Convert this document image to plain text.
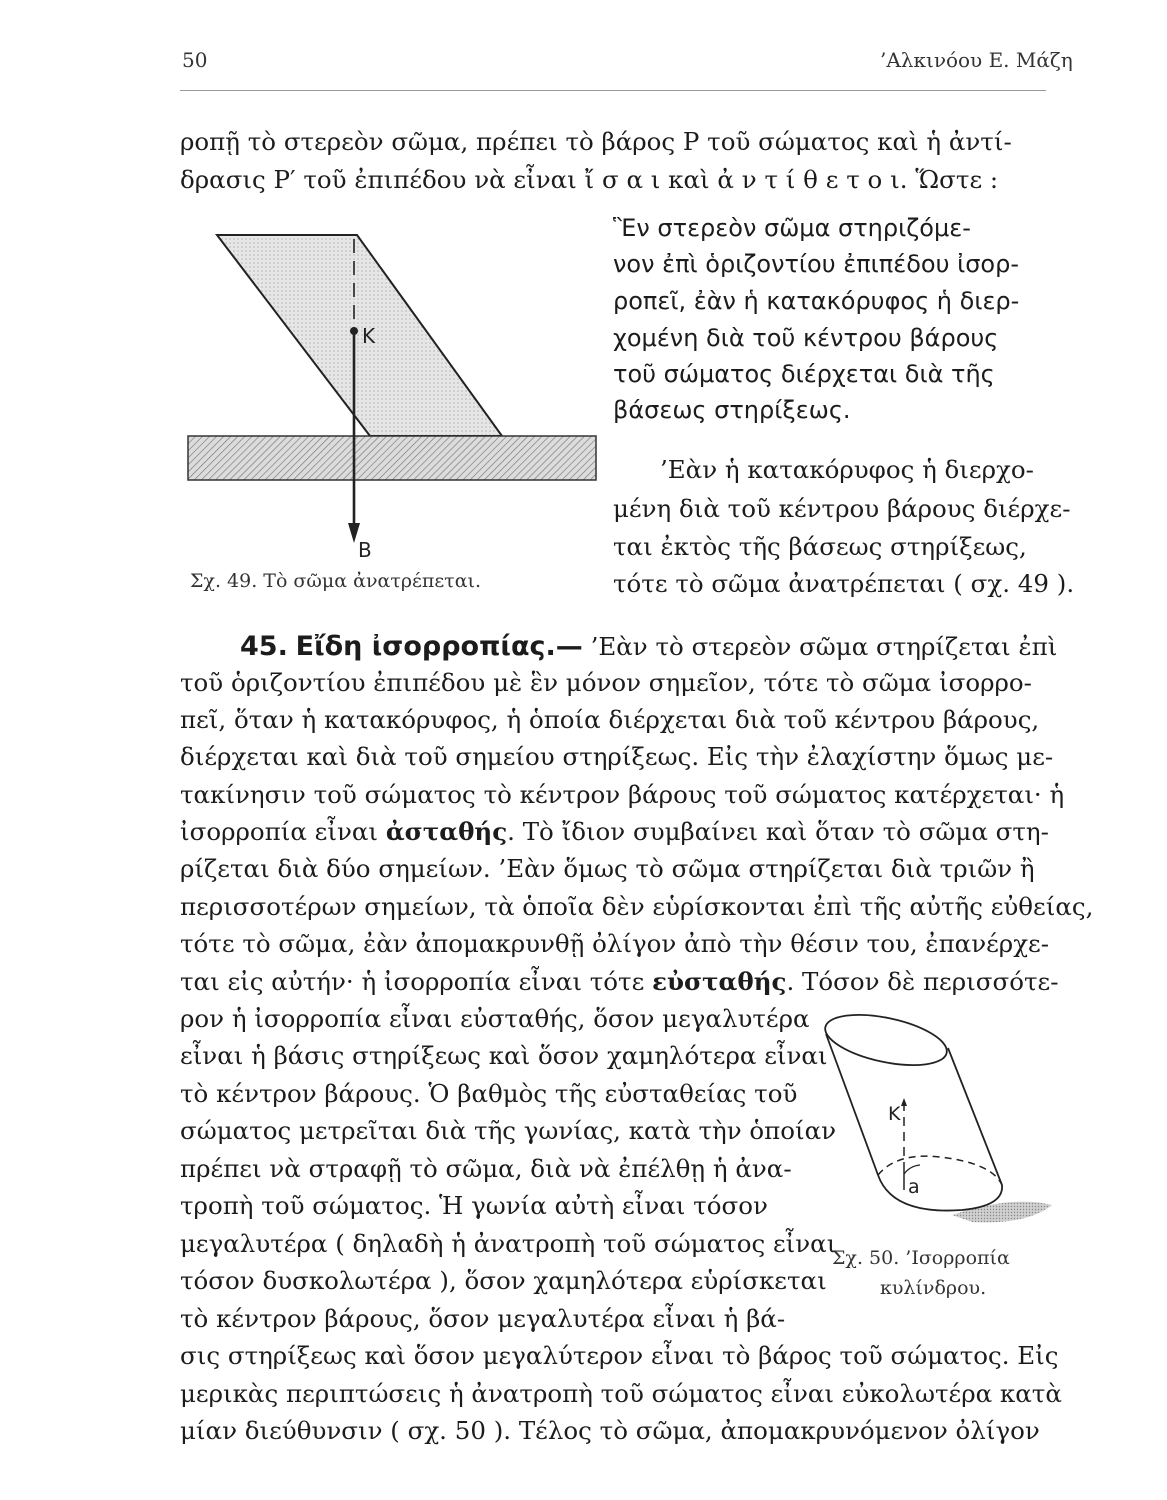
50	’Αλκινόου Ε. Μάζη
ροπῇ τὸ στερεὸν σῶμα, πρέπει τὸ βάρος P τοῦ σώματος καὶ ἡ ἀντί-
δρασις P′ τοῦ ἐπιπέδου νὰ εἶναι ἴ σ α ι καὶ ἀ ν τ ί θ ε τ ο ι. Ὥστε :
K
B
Σχ. 49. Τὸ σῶμα ἀνατρέπεται.
Ἓν στερεὸν σῶμα στηριζόμε-
νον ἐπὶ ὁριζοντίου ἐπιπέδου ἰσορ-
ροπεῖ, ἐὰν ἡ κατακόρυφος ἡ διερ-
χομένη διὰ τοῦ κέντρου βάρους
τοῦ σώματος διέρχεται διὰ τῆς
βάσεως στηρίξεως.
’Εὰν ἡ κατακόρυφος ἡ διερχο-
μένη διὰ τοῦ κέντρου βάρους διέρχε-
ται ἐκτὸς τῆς βάσεως στηρίξεως,
τότε τὸ σῶμα ἀνατρέπεται ( σχ. 49 ).
45. Εἴδη ἰσορροπίας.— ’Εὰν τὸ στερεὸν σῶμα στηρίζεται ἐπὶ
τοῦ ὁριζοντίου ἐπιπέδου μὲ ἓν μόνον σημεῖον, τότε τὸ σῶμα ἰσορρο-
πεῖ, ὅταν ἡ κατακόρυφος, ἡ ὁποία διέρχεται διὰ τοῦ κέντρου βάρους,
διέρχεται καὶ διὰ τοῦ σημείου στηρίξεως. Εἰς τὴν ἐλαχίστην ὅμως με-
τακίνησιν τοῦ σώματος τὸ κέντρον βάρους τοῦ σώματος κατέρχεται· ἡ
ἰσορροπία εἶναι ἀσταθής. Τὸ ἴδιον συμβαίνει καὶ ὅταν τὸ σῶμα στη-
ρίζεται διὰ δύο σημείων. ’Εὰν ὅμως τὸ σῶμα στηρίζεται διὰ τριῶν ἢ
περισσοτέρων σημείων, τὰ ὁποῖα δὲν εὑρίσκονται ἐπὶ τῆς αὐτῆς εὐθείας,
τότε τὸ σῶμα, ἐὰν ἀπομακρυνθῇ ὀλίγον ἀπὸ τὴν θέσιν του, ἐπανέρχε-
ται εἰς αὐτήν· ἡ ἰσορροπία εἶναι τότε εὐσταθής. Τόσον δὲ περισσότε-
ρον ἡ ἰσορροπία εἶναι εὐσταθής, ὅσον μεγαλυτέρα
εἶναι ἡ βάσις στηρίξεως καὶ ὅσον χαμηλότερα εἶναι
τὸ κέντρον βάρους. Ὁ βαθμὸς τῆς εὐσταθείας τοῦ
σώματος μετρεῖται διὰ τῆς γωνίας, κατὰ τὴν ὁποίαν
πρέπει νὰ στραφῇ τὸ σῶμα, διὰ νὰ ἐπέλθῃ ἡ ἀνα-
τροπὴ τοῦ σώματος. Ἡ γωνία αὐτὴ εἶναι τόσον
μεγαλυτέρα ( δηλαδὴ ἡ ἀνατροπὴ τοῦ σώματος εἶναι
τόσον δυσκολωτέρα ), ὅσον χαμηλότερα εὑρίσκεται
τὸ κέντρον βάρους, ὅσον μεγαλυτέρα εἶναι ἡ βά-
σις στηρίξεως καὶ ὅσον μεγαλύτερον εἶναι τὸ βάρος τοῦ σώματος. Εἰς
μερικὰς περιπτώσεις ἡ ἀνατροπὴ τοῦ σώματος εἶναι εὐκολωτέρα κατὰ
μίαν διεύθυνσιν ( σχ. 50 ). Τέλος τὸ σῶμα, ἀπομακρυνόμενον ὀλίγον
K
a
Σχ. 50. ’Ισορροπία
κυλίνδρου.
